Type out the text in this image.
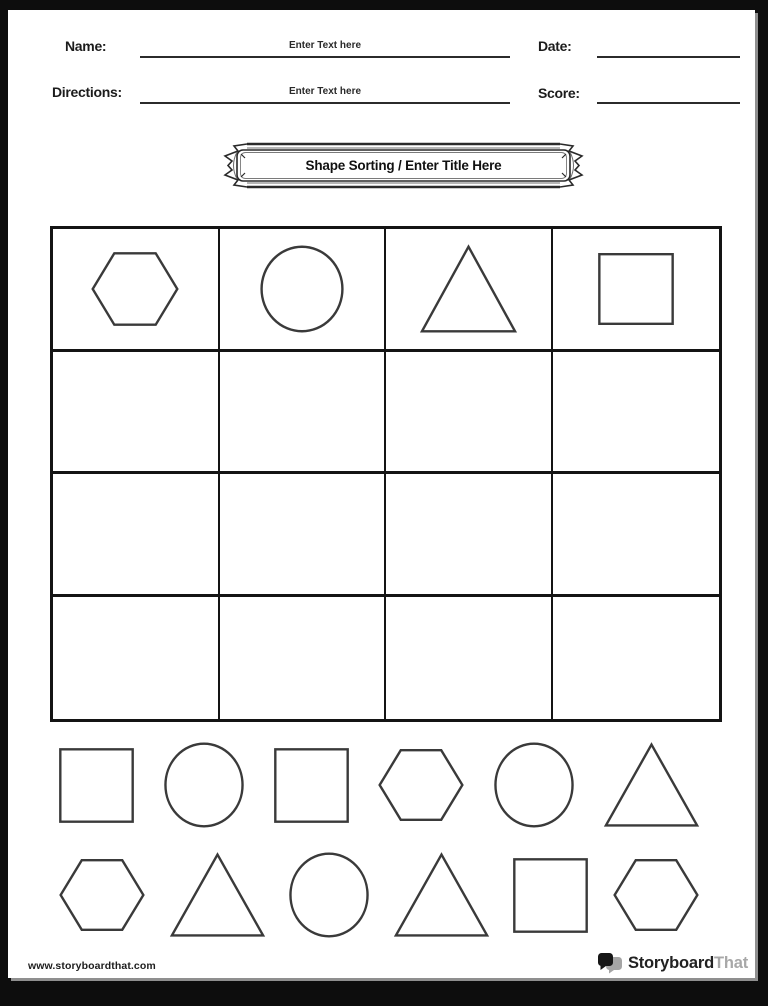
Name:	Enter Text here	Date:
Directions:	Enter Text here	Score:
Shape Sorting / Enter Title Here
www.storyboardthat.com	StoryboardThat
